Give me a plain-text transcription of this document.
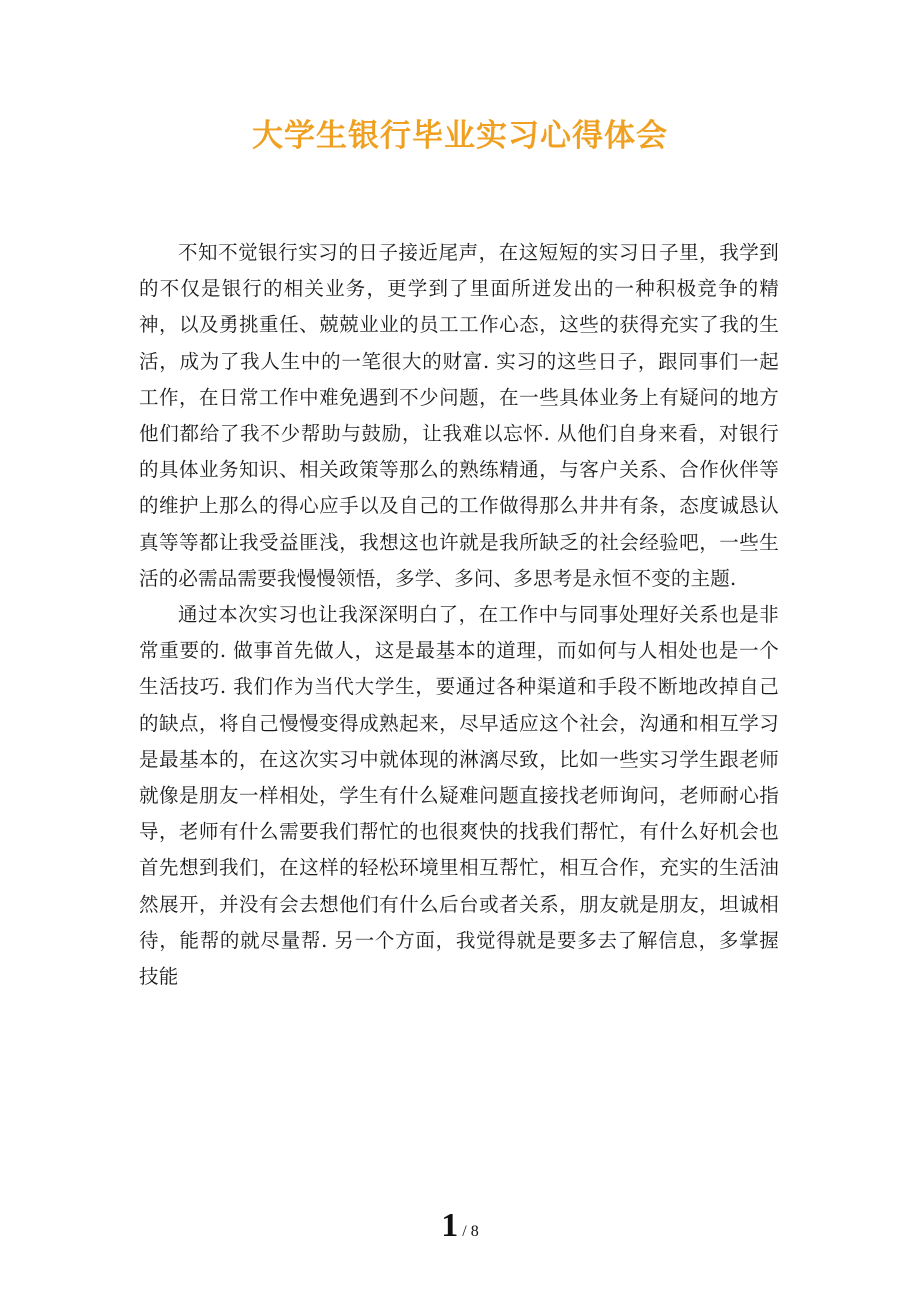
大学生银行毕业实习心得体会

不知不觉银行实习的日子接近尾声，在这短短的实习日子里，我学到的不仅是银行的相关业务，更学到了里面所迸发出的一种积极竞争的精神，以及勇挑重任、兢兢业业的员工工作心态，这些的获得充实了我的生活，成为了我人生中的一笔很大的财富. 实习的这些日子，跟同事们一起工作，在日常工作中难免遇到不少问题，在一些具体业务上有疑问的地方他们都给了我不少帮助与鼓励，让我难以忘怀. 从他们自身来看，对银行的具体业务知识、相关政策等那么的熟练精通，与客户关系、合作伙伴等的维护上那么的得心应手以及自己的工作做得那么井井有条，态度诚恳认真等等都让我受益匪浅，我想这也许就是我所缺乏的社会经验吧，一些生活的必需品需要我慢慢领悟，多学、多问、多思考是永恒不变的主题.

通过本次实习也让我深深明白了，在工作中与同事处理好关系也是非常重要的. 做事首先做人，这是最基本的道理，而如何与人相处也是一个生活技巧. 我们作为当代大学生，要通过各种渠道和手段不断地改掉自己的缺点，将自己慢慢变得成熟起来，尽早适应这个社会，沟通和相互学习是最基本的，在这次实习中就体现的淋漓尽致，比如一些实习学生跟老师就像是朋友一样相处，学生有什么疑难问题直接找老师询问，老师耐心指导，老师有什么需要我们帮忙的也很爽快的找我们帮忙，有什么好机会也首先想到我们，在这样的轻松环境里相互帮忙，相互合作，充实的生活油然展开，并没有会去想他们有什么后台或者关系，朋友就是朋友，坦诚相待，能帮的就尽量帮. 另一个方面，我觉得就是要多去了解信息，多掌握技能

1 / 8
